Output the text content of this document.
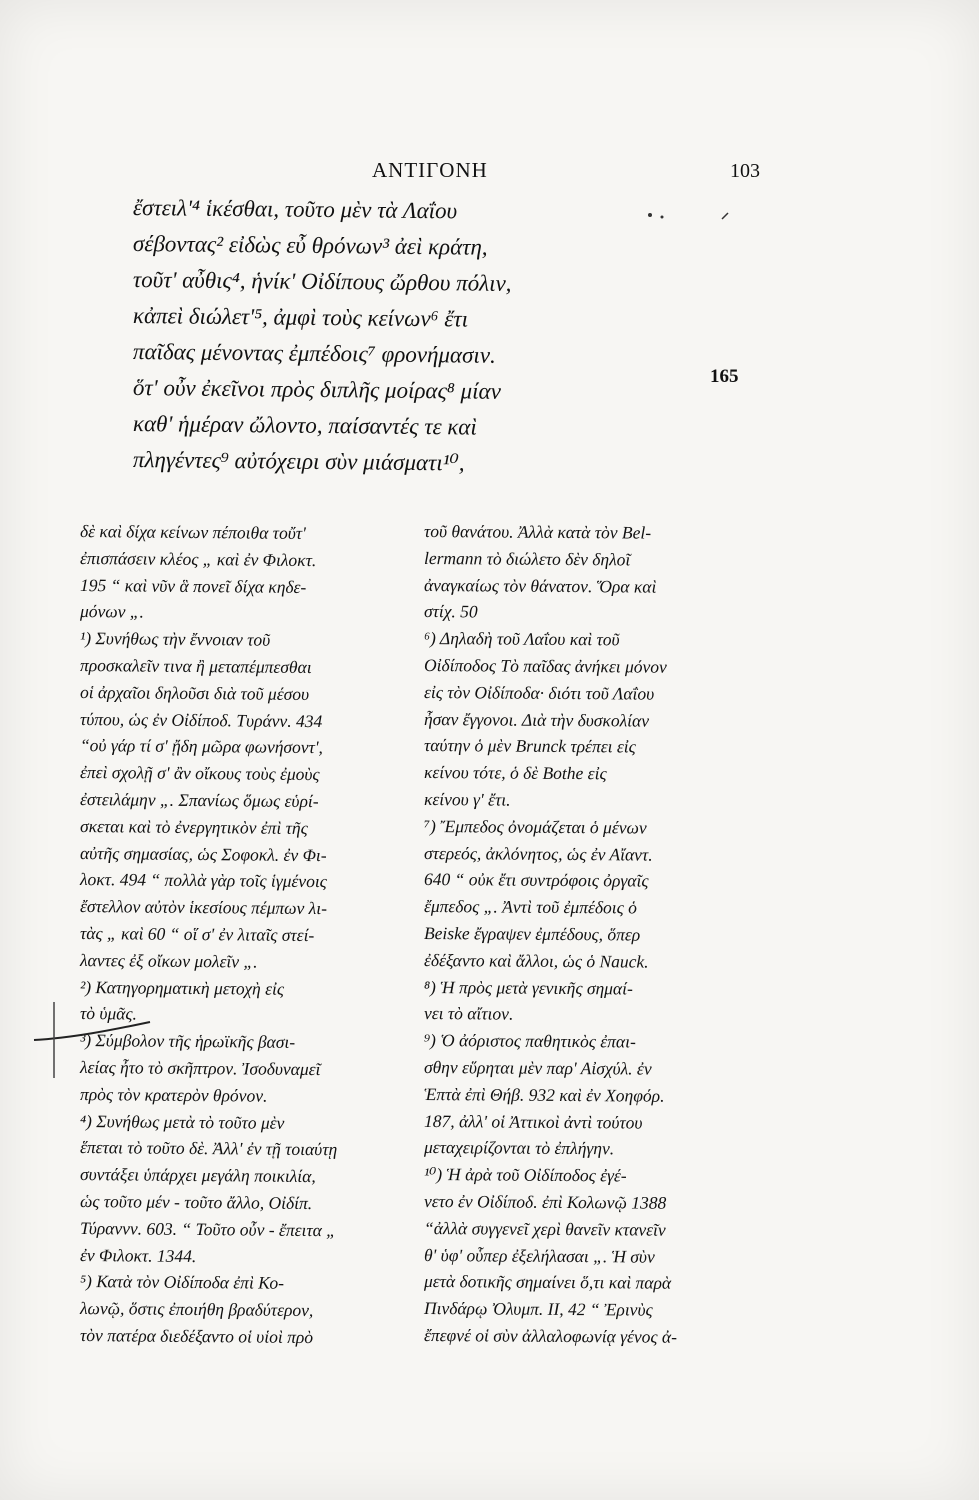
ΑΝΤΙΓΟΝΗ	103
ἔστειλ'⁴ ἱκέσθαι, τοῦτο μὲν τὰ Λαΐου
σέβοντας² εἰδὼς εὖ θρόνων³ ἀεὶ κράτη,
τοῦτ' αὖθις⁴, ἡνίκ' Οἰδίπους ὤρθου πόλιν,
κἀπεὶ διώλετ'⁵, ἀμφὶ τοὺς κείνων⁶ ἔτι
παῖδας μένοντας ἐμπέδοις⁷ φρονήμασιν.
ὅτ' οὖν ἐκεῖνοι πρὸς διπλῆς μοίρας⁸ μίαν
καθ' ἡμέραν ὤλοντο, παίσαντές τε καὶ
πληγέντες⁹ αὐτόχειρι σὺν μιάσματι¹⁰,
165
δὲ καὶ δίχα κείνων πέποιθα τοὔτ'
ἐπισπάσειν κλέος „ καὶ ἐν Φιλοκτ.
195 “ καὶ νῦν ἃ πονεῖ δίχα κηδε-
μόνων „.
¹) Συνήθως τὴν ἔννοιαν τοῦ
προσκαλεῖν τινα ἢ μεταπέμπεσθαι
οἱ ἀρχαῖοι δηλοῦσι διὰ τοῦ μέσου
τύπου, ὡς ἐν Οἰδίποδ. Τυράνν. 434
“οὐ γάρ τί σ' ᾔδη μῶρα φωνήσοντ',
ἐπεὶ σχολῇ σ' ἂν οἴκους τοὺς ἐμοὺς
ἐστειλάμην „. Σπανίως ὅμως εὑρί-
σκεται καὶ τὸ ἐνεργητικὸν ἐπὶ τῆς
αὐτῆς σημασίας, ὡς Σοφοκλ. ἐν Φι-
λοκτ. 494 “ πολλὰ γὰρ τοῖς ἱγμένοις
ἔστελλον αὐτὸν ἱκεσίους πέμπων λι-
τὰς „ καὶ 60 “ οἵ σ' ἐν λιταῖς στεί-
λαντες ἐξ οἴκων μολεῖν „.
²) Κατηγορηματικὴ μετοχὴ εἰς
τὸ ὑμᾶς.
³) Σύμβολον τῆς ἡρωϊκῆς βασι-
λείας ἦτο τὸ σκῆπτρον. Ἰσοδυναμεῖ
πρὸς τὸν κρατερὸν θρόνον.
⁴) Συνήθως μετὰ τὸ τοῦτο μὲν
ἕπεται τὸ τοῦτο δὲ. Ἀλλ' ἐν τῇ τοιαύτῃ
συντάξει ὑπάρχει μεγάλη ποικιλία,
ὡς τοῦτο μέν - τοῦτο ἄλλο, Οἰδίπ.
Τύραννν. 603. “ Τοῦτο οὖν - ἔπειτα „
ἐν Φιλοκτ. 1344.
⁵) Κατὰ τὸν Οἰδίποδα ἐπὶ Κο-
λωνῷ, ὅστις ἐποιήθη βραδύτερον,
τὸν πατέρα διεδέξαντο οἱ υἱοὶ πρὸ
τοῦ θανάτου. Ἀλλὰ κατὰ τὸν Bel-
lermann τὸ διώλετο δὲν δηλοῖ
ἀναγκαίως τὸν θάνατον. Ὅρα καὶ
στίχ. 50
⁶) Δηλαδὴ τοῦ Λαΐου καὶ τοῦ
Οἰδίποδος Τὸ παῖδας ἀνήκει μόνον
εἰς τὸν Οἰδίποδα· διότι τοῦ Λαΐου
ἦσαν ἔγγονοι. Διὰ τὴν δυσκολίαν
ταύτην ὁ μὲν Brunck τρέπει εἰς
κείνου τότε, ὁ δὲ Bothe εἰς
κείνου γ' ἔτι.
⁷) Ἔμπεδος ὀνομάζεται ὁ μένων
στερεός, ἀκλόνητος, ὡς ἐν Αἴαντ.
640 “ οὐκ ἔτι συντρόφοις ὀργαῖς
ἔμπεδος „. Ἀντὶ τοῦ ἐμπέδοις ὁ
Beiske ἔγραψεν ἐμπέδους, ὅπερ
ἐδέξαντο καὶ ἄλλοι, ὡς ὁ Nauck.
⁸) Ἡ πρὸς μετὰ γενικῆς σημαί-
νει τὸ αἴτιον.
⁹) Ὁ ἀόριστος παθητικὸς ἐπαι-
σθην εὕρηται μὲν παρ' Αἰσχύλ. ἐν
Ἑπτὰ ἐπὶ Θήβ. 932 καὶ ἐν Χοηφόρ.
187, ἀλλ' οἱ Ἀττικοὶ ἀντὶ τούτου
μεταχειρίζονται τὸ ἐπλήγην.
¹⁰) Ἡ ἀρὰ τοῦ Οἰδίποδος ἐγέ-
νετο ἐν Οἰδίποδ. ἐπὶ Κολωνῷ 1388
“ἀλλὰ συγγενεῖ χερὶ θανεῖν κτανεῖν
θ' ὑφ' οὗπερ ἐξελήλασαι „. Ἡ σὺν
μετὰ δοτικῆς σημαίνει ὅ,τι καὶ παρὰ
Πινδάρῳ Ὀλυμπ. ΙΙ, 42 “ Ἐρινὺς
ἔπεφνέ οἱ σὺν ἀλλαλοφωνίᾳ γένος ἀ-
